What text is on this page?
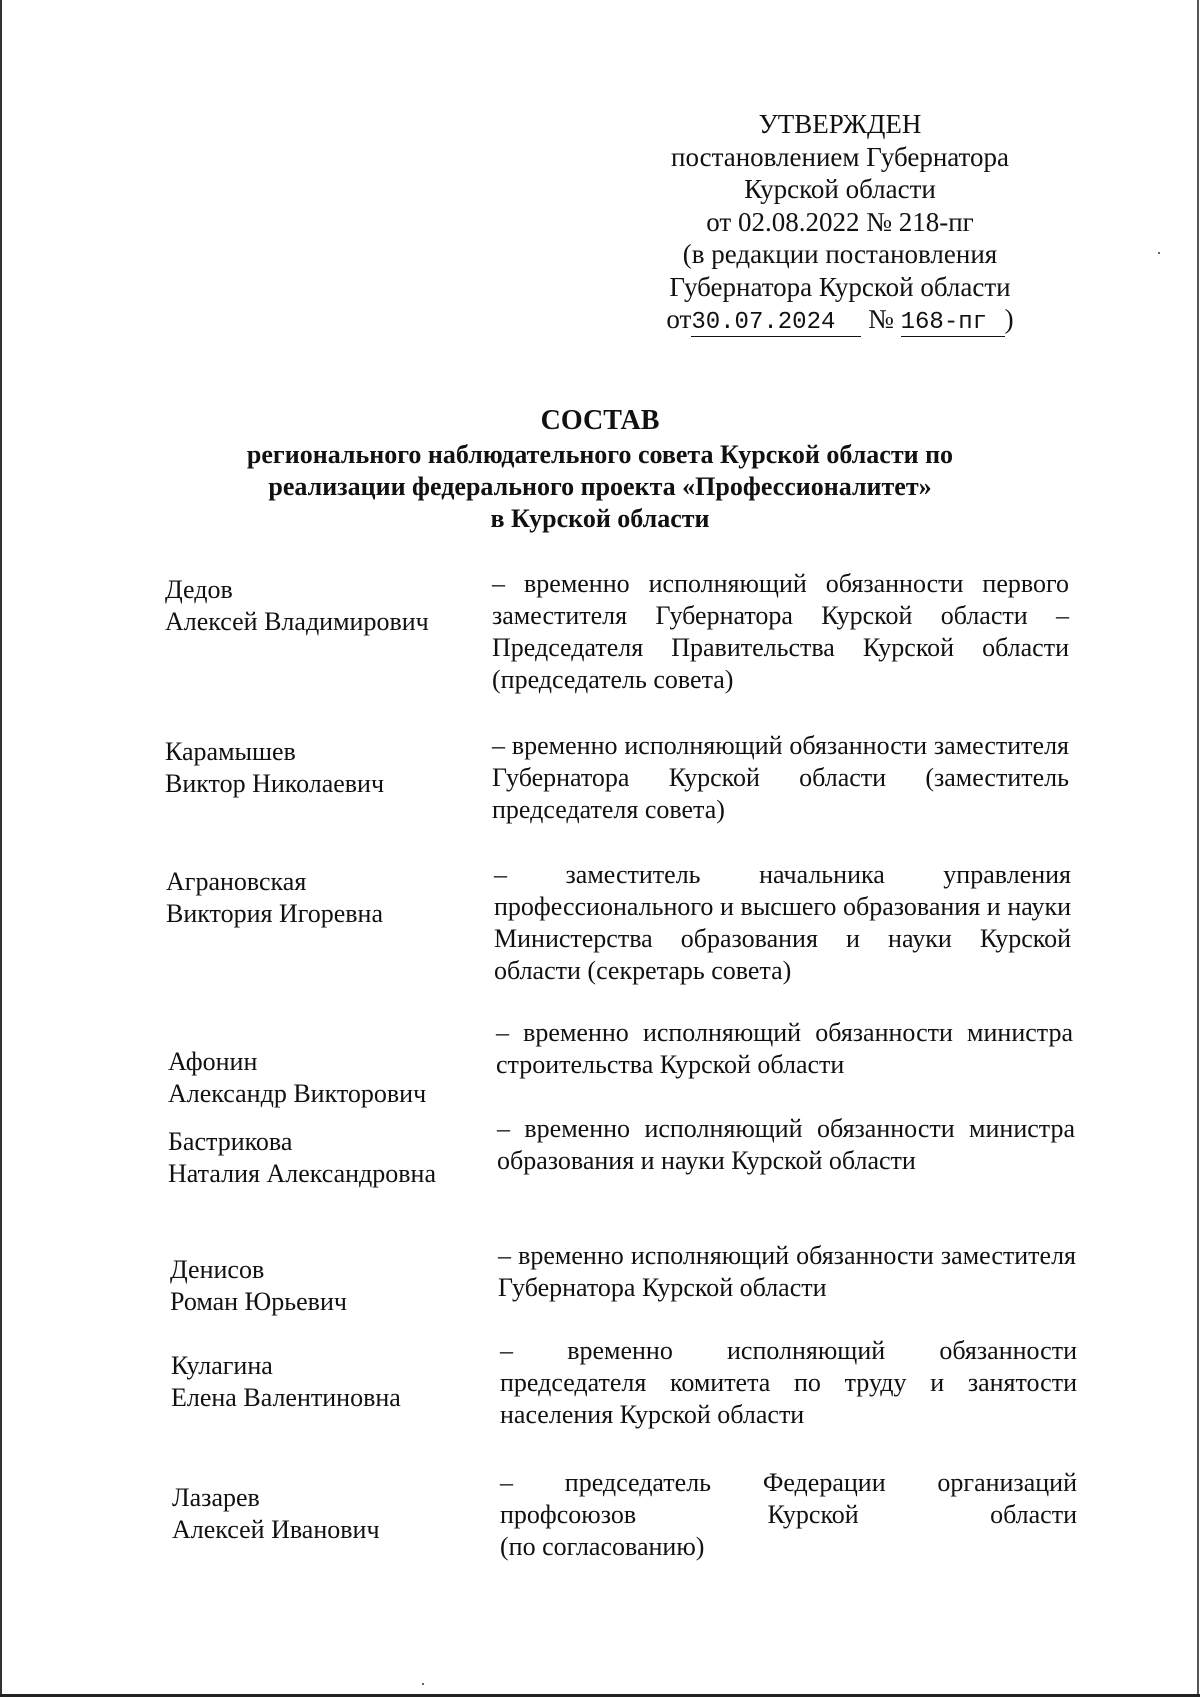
УТВЕРЖДЕН
постановлением Губернатора
Курской области
от 02.08.2022 № 218-пг
(в редакции постановления
Губернатора Курской области
от30.07.2024 № 168-пг )
СОСТАВ
регионального наблюдательного совета Курской области по
реализации федерального проекта «Профессионалитет»
в Курской области
Дедов
Алексей Владимирович
– временно исполняющий обязанности первого заместителя Губернатора Курской области – Председателя Правительства Курской области (председатель совета)
Карамышев
Виктор Николаевич
– временно исполняющий обязанности заместителя Губернатора Курской области (заместитель председателя совета)
Аграновская
Виктория Игоревна
– заместитель начальника управления профессионального и высшего образования и науки Министерства образования и науки Курской области (секретарь совета)
Афонин
Александр Викторович
– временно исполняющий обязанности министра строительства Курской области
Бастрикова
Наталия Александровна
– временно исполняющий обязанности министра образования и науки Курской области
Денисов
Роман Юрьевич
– временно исполняющий обязанности заместителя Губернатора Курской области
Кулагина
Елена Валентиновна
– временно исполняющий обязанности председателя комитета по труду и занятости населения Курской области
Лазарев
Алексей Иванович
– председатель Федерации организаций профсоюзов Курской области
(по согласованию)
